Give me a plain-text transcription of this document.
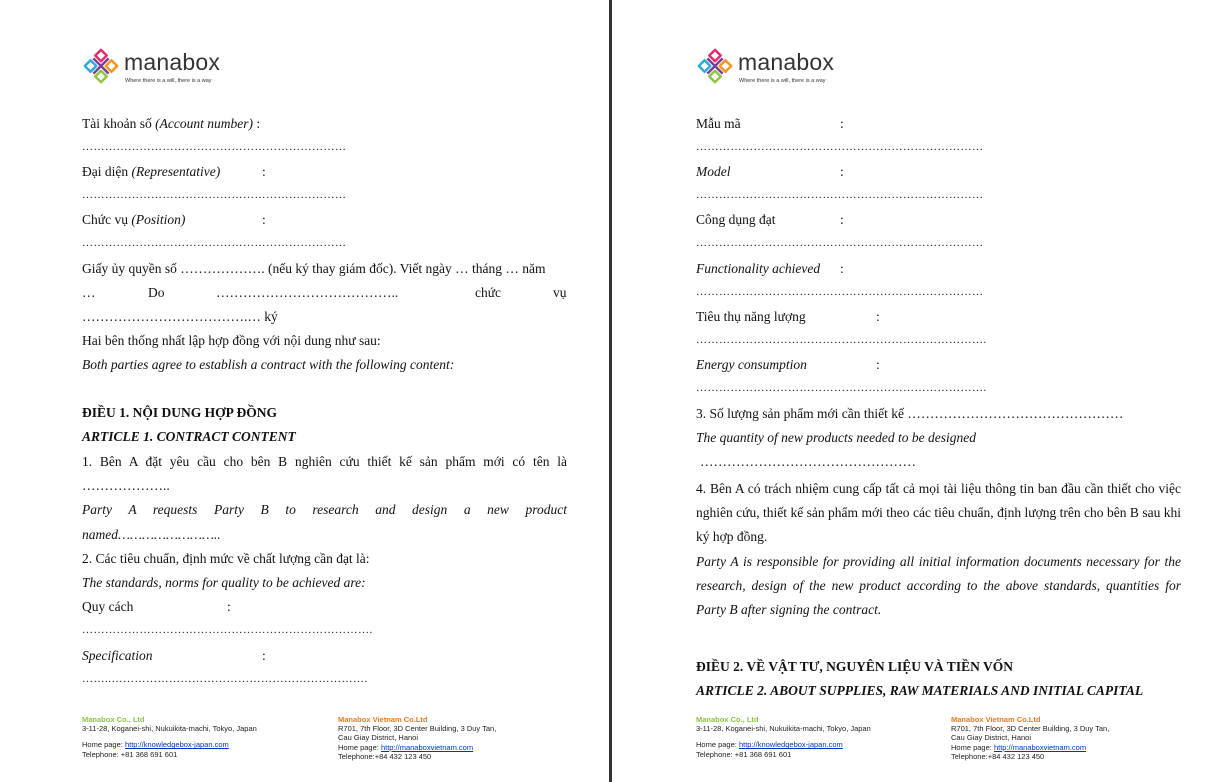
manabox
Where there is a will, there is a way
Tài khoản số (Account number) :
……………………………………………………………
Đại diện (Representative)	:
……………………………………………………………
Chức vụ (Position)	:
……………………………………………………………
Giấy ủy quyền số ………………. (nếu ký thay giám đốc). Viết ngày … tháng … năm
…	Do	…………………………………..	chức	vụ
……………………………….… ký
Hai bên thống nhất lập hợp đồng với nội dung như sau:
Both parties agree to establish a contract with the following content:
ĐIỀU 1. NỘI DUNG HỢP ĐỒNG
ARTICLE 1. CONTRACT CONTENT
1. Bên A đặt yêu cầu cho bên B nghiên cứu thiết kế sản phẩm mới có tên là
………………..
Party A requests Party B to research and design a new product
named……………………..
2. Các tiêu chuẩn, định mức về chất lượng cần đạt là:
The standards, norms for quality to be achieved are:
Quy cách	:
………………………………………………………………….
Specification	:
……..………………………………………………………….
Manabox Co., Ltd
3-11-28, Koganei-shi, Nukuikita-machi, Tokyo, Japan
Home page: http://knowledgebox-japan.com
Telephone: +81 368 691 601
Manabox Vietnam Co.Ltd
R701, 7th Floor, 3D Center Building, 3 Duy Tan,
Cau Giay District, Hanoi
Home page: http://manaboxvietnam.com
Telephone:+84 432 123 450
manabox
Where there is a will, there is a way
Mẫu mã	:
…………………………………………………………………
Model	:
…………………………………………………………………
Công dụng đạt	:
…………………………………………………………………
Functionality achieved :
…………………………………………………………………
Tiêu thụ năng lượng	:
………………………………………………………………….
Energy consumption	:
………………………………………………………………….
3. Số lượng sản phẩm mới cần thiết kế …………………………………………
The quantity of new products needed to be designed
…………………………………………
4. Bên A có trách nhiệm cung cấp tất cả mọi tài liệu thông tin ban đầu cần thiết cho việc nghiên cứu, thiết kế sản phẩm mới theo các tiêu chuẩn, định lượng trên cho bên B sau khi ký hợp đồng.
Party A is responsible for providing all initial information documents necessary for the research, design of the new product according to the above standards, quantities for Party B after signing the contract.
ĐIỀU 2. VỀ VẬT TƯ, NGUYÊN LIỆU VÀ TIỀN VỐN
ARTICLE 2. ABOUT SUPPLIES, RAW MATERIALS AND INITIAL CAPITAL
Manabox Co., Ltd
3-11-28, Koganei-shi, Nukuikita-machi, Tokyo, Japan
Home page: http://knowledgebox-japan.com
Telephone: +81 368 691 601
Manabox Vietnam Co.Ltd
R701, 7th Floor, 3D Center Building, 3 Duy Tan,
Cau Giay District, Hanoi
Home page: http://manaboxvietnam.com
Telephone:+84 432 123 450
